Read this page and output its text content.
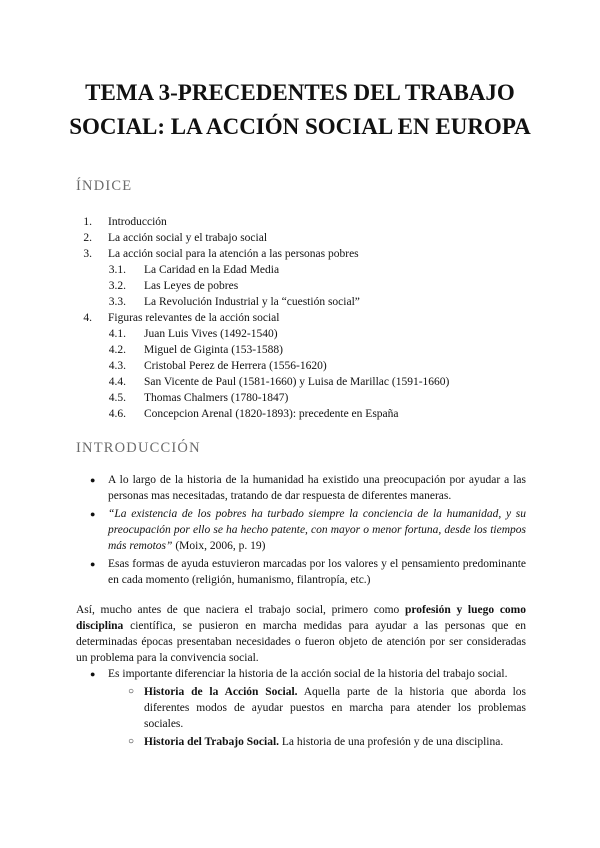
TEMA 3-PRECEDENTES DEL TRABAJO SOCIAL: LA ACCIÓN SOCIAL EN EUROPA
ÍNDICE
1. Introducción
2. La acción social y el trabajo social
3. La acción social para la atención a las personas pobres
3.1. La Caridad en la Edad Media
3.2. Las Leyes de pobres
3.3. La Revolución Industrial y la “cuestión social”
4. Figuras relevantes de la acción social
4.1. Juan Luis Vives (1492-1540)
4.2. Miguel de Giginta (153-1588)
4.3. Cristobal Perez de Herrera (1556-1620)
4.4. San Vicente de Paul (1581-1660) y Luisa de Marillac (1591-1660)
4.5. Thomas Chalmers (1780-1847)
4.6. Concepcion Arenal (1820-1893): precedente en España
INTRODUCCIÓN
● A lo largo de la historia de la humanidad ha existido una preocupación por ayudar a las personas mas necesitadas, tratando de dar respuesta de diferentes maneras.
● “La existencia de los pobres ha turbado siempre la conciencia de la humanidad, y su preocupación por ello se ha hecho patente, con mayor o menor fortuna, desde los tiempos más remotos” (Moix, 2006, p. 19)
● Esas formas de ayuda estuvieron marcadas por los valores y el pensamiento predominante en cada momento (religión, humanismo, filantropía, etc.)
Así, mucho antes de que naciera el trabajo social, primero como profesión y luego como disciplina científica, se pusieron en marcha medidas para ayudar a las personas que en determinadas épocas presentaban necesidades o fueron objeto de atención por ser consideradas un problema para la convivencia social.
● Es importante diferenciar la historia de la acción social de la historia del trabajo social.
○ Historia de la Acción Social. Aquella parte de la historia que aborda los diferentes modos de ayudar puestos en marcha para atender los problemas sociales.
○ Historia del Trabajo Social. La historia de una profesión y de una disciplina.
